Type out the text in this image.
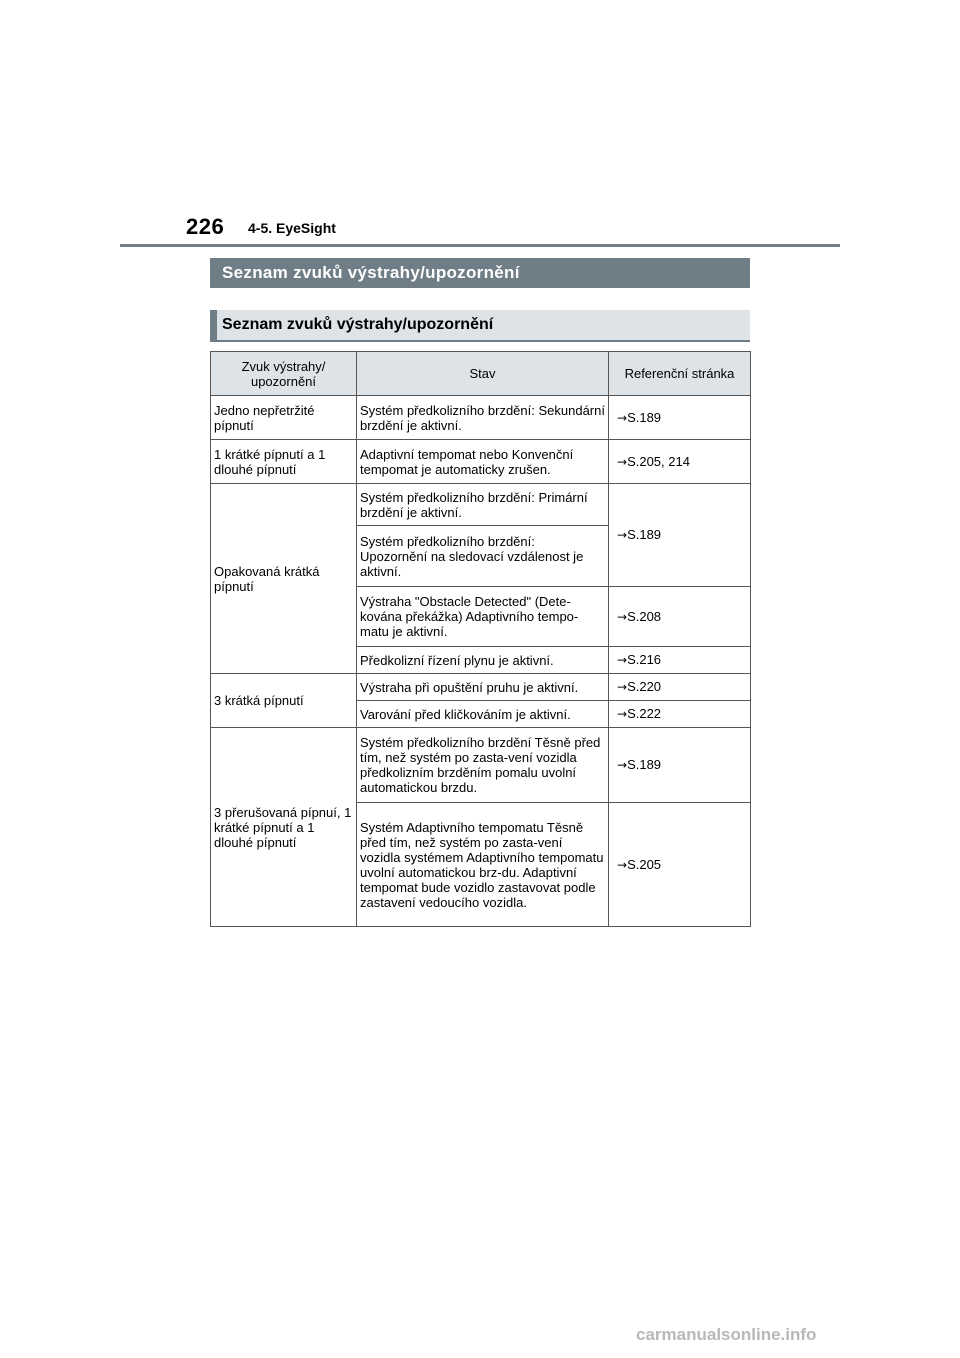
226 4-5. EyeSight
Seznam zvuků výstrahy/upozornění
Seznam zvuků výstrahy/upozornění
Zvuk výstrahy/ upozornění	Stav	Referenční stránka
Jedno nepřetržité pípnutí	Systém předkolizního brzdění: Sekundární brzdění je aktivní.	→S.189
1 krátké pípnutí a 1 dlouhé pípnutí	Adaptivní tempomat nebo Konvenční tempomat je automaticky zrušen.	→S.205, 214
Opakovaná krátká pípnutí	Systém předkolizního brzdění: Primární brzdění je aktivní.	→S.189
	Systém předkolizního brzdění: Upozornění na sledovací vzdálenost je aktivní.	
	Výstraha "Obstacle Detected" (Dete-kována překážka) Adaptivního tempo-matu je aktivní.	→S.208
	Předkolizní řízení plynu je aktivní.	→S.216
3 krátká pípnutí	Výstraha při opuštění pruhu je aktivní.	→S.220
	Varování před kličkováním je aktivní.	→S.222
3 přerušovaná pípnuí, 1 krátké pípnutí a 1 dlouhé pípnutí	Systém předkolizního brzdění Těsně před tím, než systém po zasta-vení vozidla předkolizním brzděním pomalu uvolní automatickou brzdu.	→S.189
	Systém Adaptivního tempomatu Těsně před tím, než systém po zasta-vení vozidla systémem Adaptivního tempomatu uvolní automatickou brz-du. Adaptivní tempomat bude vozidlo zastavovat podle zastavení vedoucího vozidla.	→S.205
carmanualsonline.info
